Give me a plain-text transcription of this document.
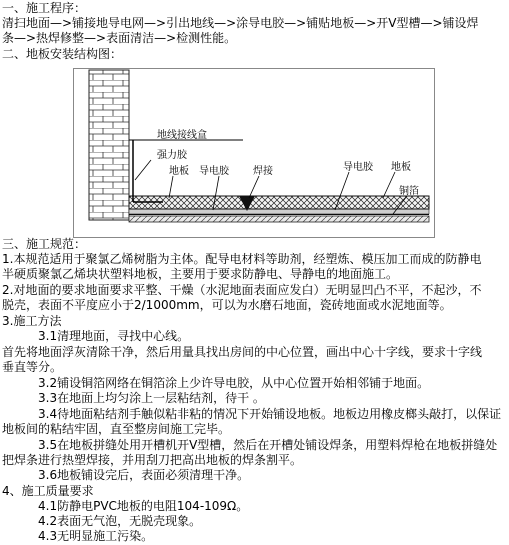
一、施工程序：
清扫地面—>铺接地导电网—>引出地线—>涂导电胶—>铺贴地板—>开V型槽—>铺设焊
条—>热焊修整—>表面清洁—>检测性能。
二、地板安装结构图：
地线接线盒
强力胶
地板 导电胶 焊接	导电胶 地板
铜箔
三、施工规范：
1.本规范适用于聚氯乙烯树脂为主体。配导电材料等助剂，经塑炼、模压加工而成的防静电
半硬质聚氯乙烯块状塑料地板，主要用于要求防静电、导静电的地面施工。
2.对地面的要求地面要求平整、干燥（水泥地面表面应发白）无明显凹凸不平，不起沙，不
脱壳，表面不平度应小于2/1000mm，可以为水磨石地面，瓷砖地面或水泥地面等。
3.施工方法
3.1清理地面，寻找中心线。
首先将地面浮灰清除干净，然后用量具找出房间的中心位置，画出中心十字线，要求十字线
垂直等分。
3.2铺设铜箔网络在铜箔涂上少许导电胶，从中心位置开始相邻铺于地面。
3.3在地面上均匀涂上一层粘结剂，待干 。
3.4待地面粘结剂手触似粘非粘的情况下开始铺设地板。地板边用橡皮榔头敲打，以保证
地板间的粘结牢固，直至整房间施工完毕。
3.5在地板拼缝处用开槽机开V型槽，然后在开槽处铺设焊条，用塑料焊枪在地板拼缝处
把焊条进行热塑焊接，并用刮刀把高出地板的焊条割平。
3.6地板铺设完后，表面必须清理干净。
4、施工质量要求
4.1防静电PVC地板的电阻104-109Ω。
4.2表面无气泡，无脱壳现象。
4.3无明显施工污染。
